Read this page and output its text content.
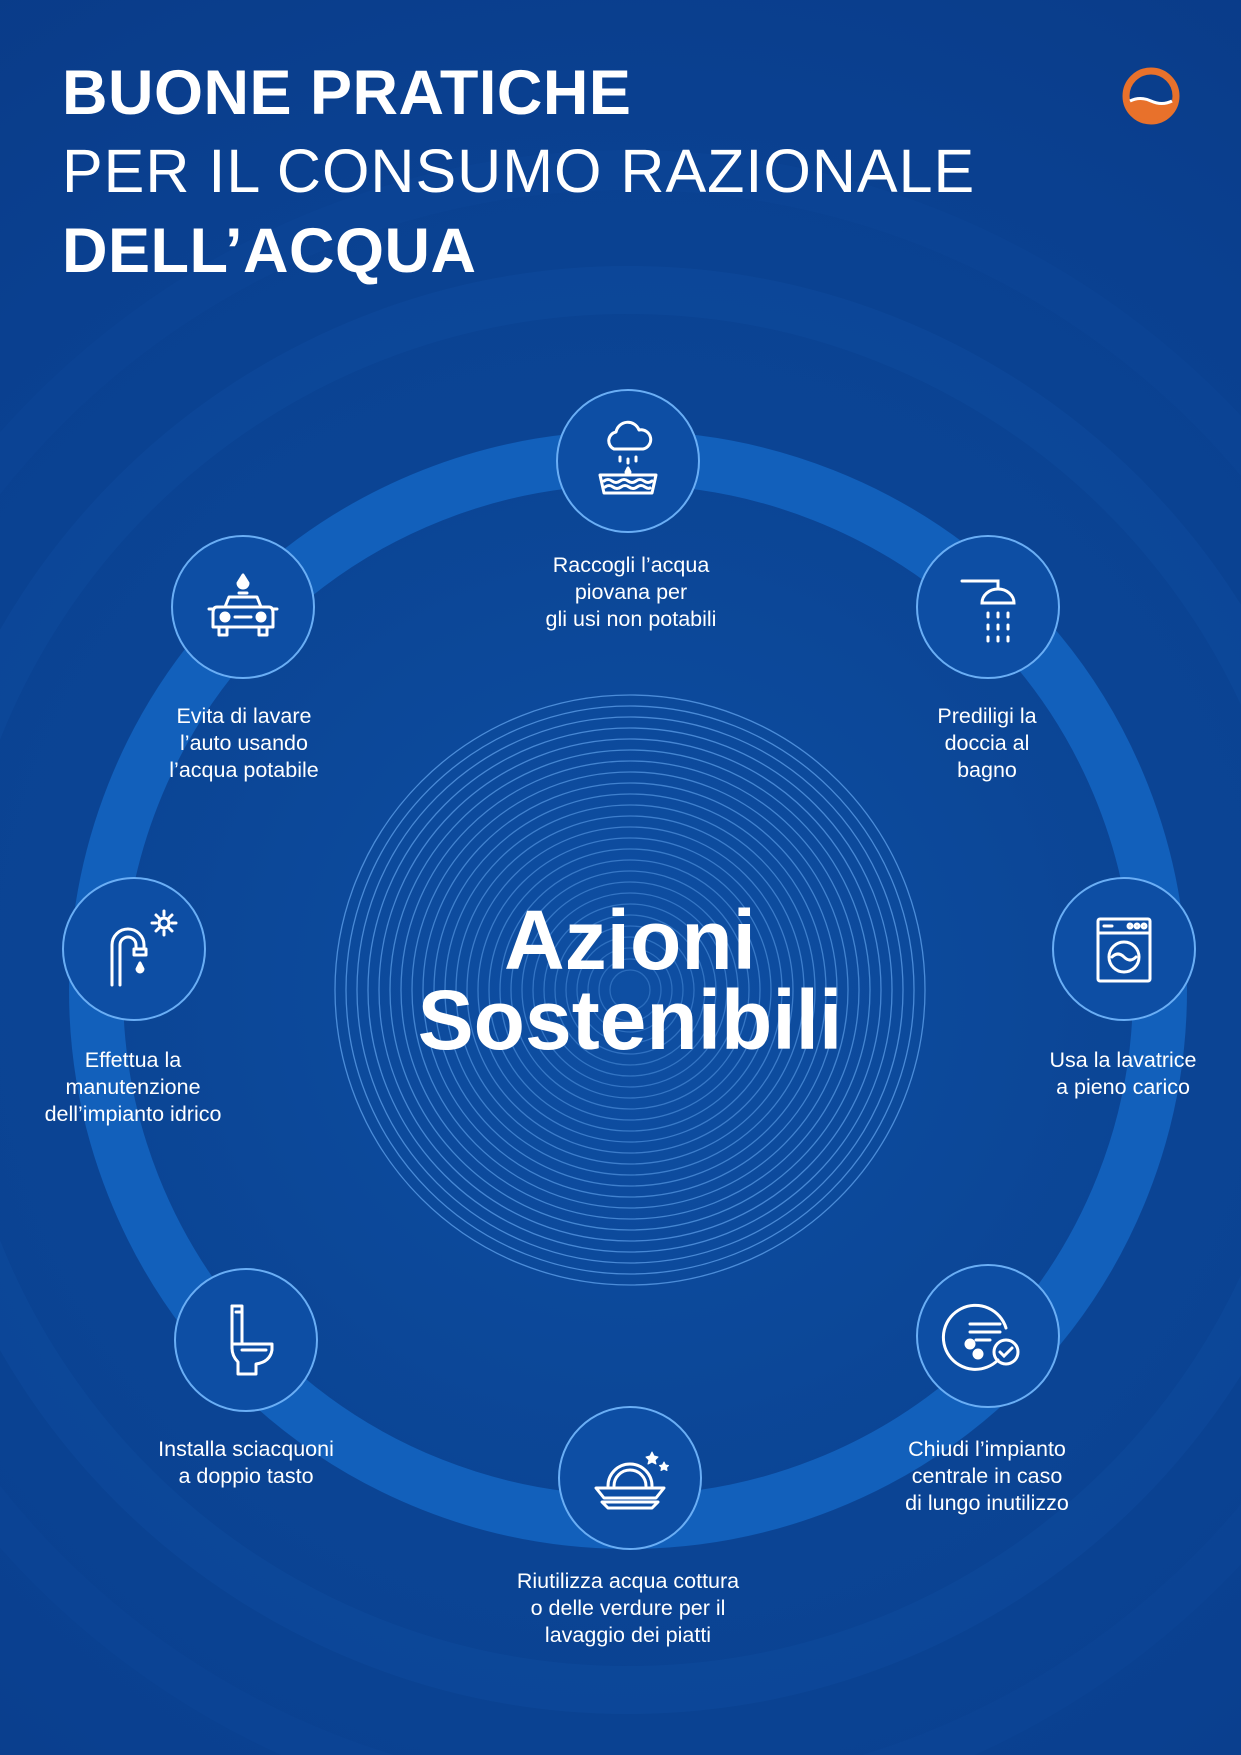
BUONE PRATICHE
PER IL CONSUMO RAZIONALE
DELL’ACQUA
Azioni
Sostenibili
Raccogli l’acqua
piovana per
gli usi non potabili
Prediligi la
doccia al
bagno
Usa la lavatrice
a pieno carico
Chiudi l’impianto
centrale in caso
di lungo inutilizzo
Riutilizza acqua cottura
o delle verdure per il
lavaggio dei piatti
Installa sciacquoni
a doppio tasto
Effettua la
manutenzione
dell’impianto idrico
Evita di lavare
l’auto usando
l’acqua potabile
